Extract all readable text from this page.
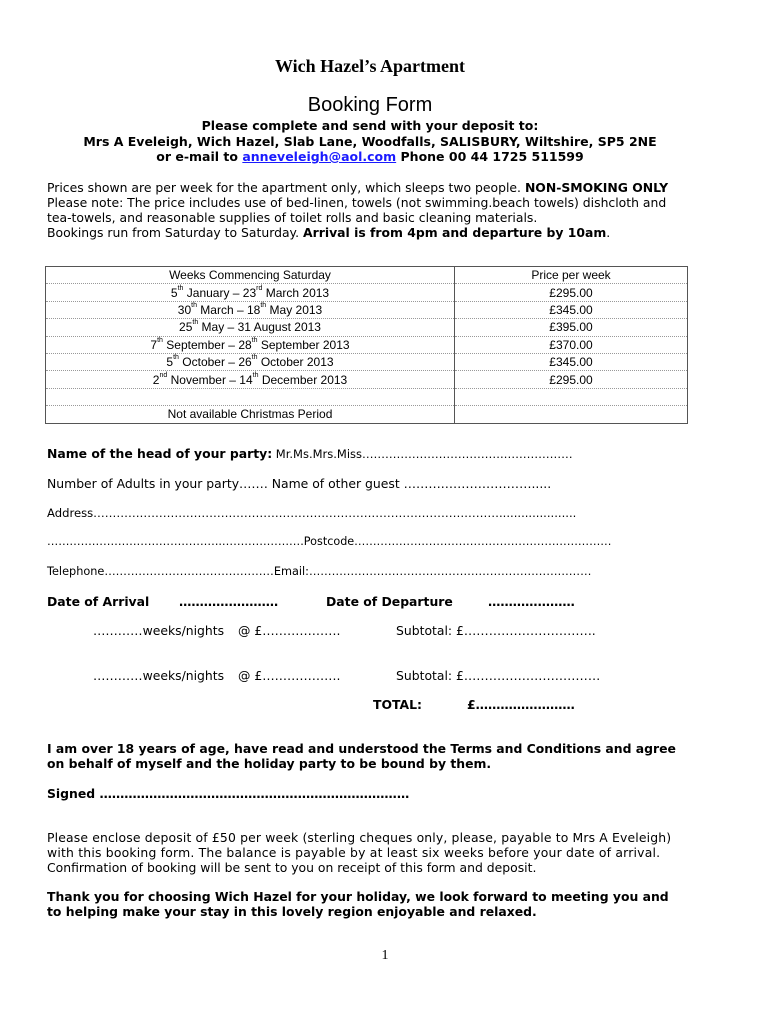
Wich Hazel’s Apartment
Booking Form
Please complete and send with your deposit to:
Mrs A Eveleigh, Wich Hazel, Slab Lane, Woodfalls, SALISBURY, Wiltshire, SP5 2NE
or e-mail to anneveleigh@aol.com Phone 00 44 1725 511599
Prices shown are per week for the apartment only, which sleeps two people. NON-SMOKING ONLY
Please note: The price includes use of bed-linen, towels (not swimming.beach towels) dishcloth and
tea-towels, and reasonable supplies of toilet rolls and basic cleaning materials.
Bookings run from Saturday to Saturday. Arrival is from 4pm and departure by 10am.
Weeks Commencing Saturday	Price per week
5th January – 23rd March 2013	£295.00
30th March – 18th May 2013	£345.00
25th May – 31 August 2013	£395.00
7th September – 28th September 2013	£370.00
5th October – 26th October 2013	£345.00
2nd November – 14th December 2013	£295.00

Not available Christmas Period	
Name of the head of your party: Mr.Ms.Mrs.Miss……………………………….………………
Number of Adults in your party……. Name of other guest ……….………………….....
Address…………………………………………………………………………………………….....................
………………………………………..………………….Postcode……………………………………………………………
Telephone………………………………………Email:…………………………………………………………………
Date of Arrival ……………………	Date of Departure	…………………
…………weeks/nights @ £……………….	Subtotal: £…………………………..
…………weeks/nights @ £……………….	Subtotal: £……………………………
TOTAL:	£……………………
I am over 18 years of age, have read and understood the Terms and Conditions and agree
on behalf of myself and the holiday party to be bound by them.
Signed …………………………………………………………………
Please enclose deposit of £50 per week (sterling cheques only, please, payable to Mrs A Eveleigh)
with this booking form. The balance is payable by at least six weeks before your date of arrival.
Confirmation of booking will be sent to you on receipt of this form and deposit.
Thank you for choosing Wich Hazel for your holiday, we look forward to meeting you and
to helping make your stay in this lovely region enjoyable and relaxed.
1
